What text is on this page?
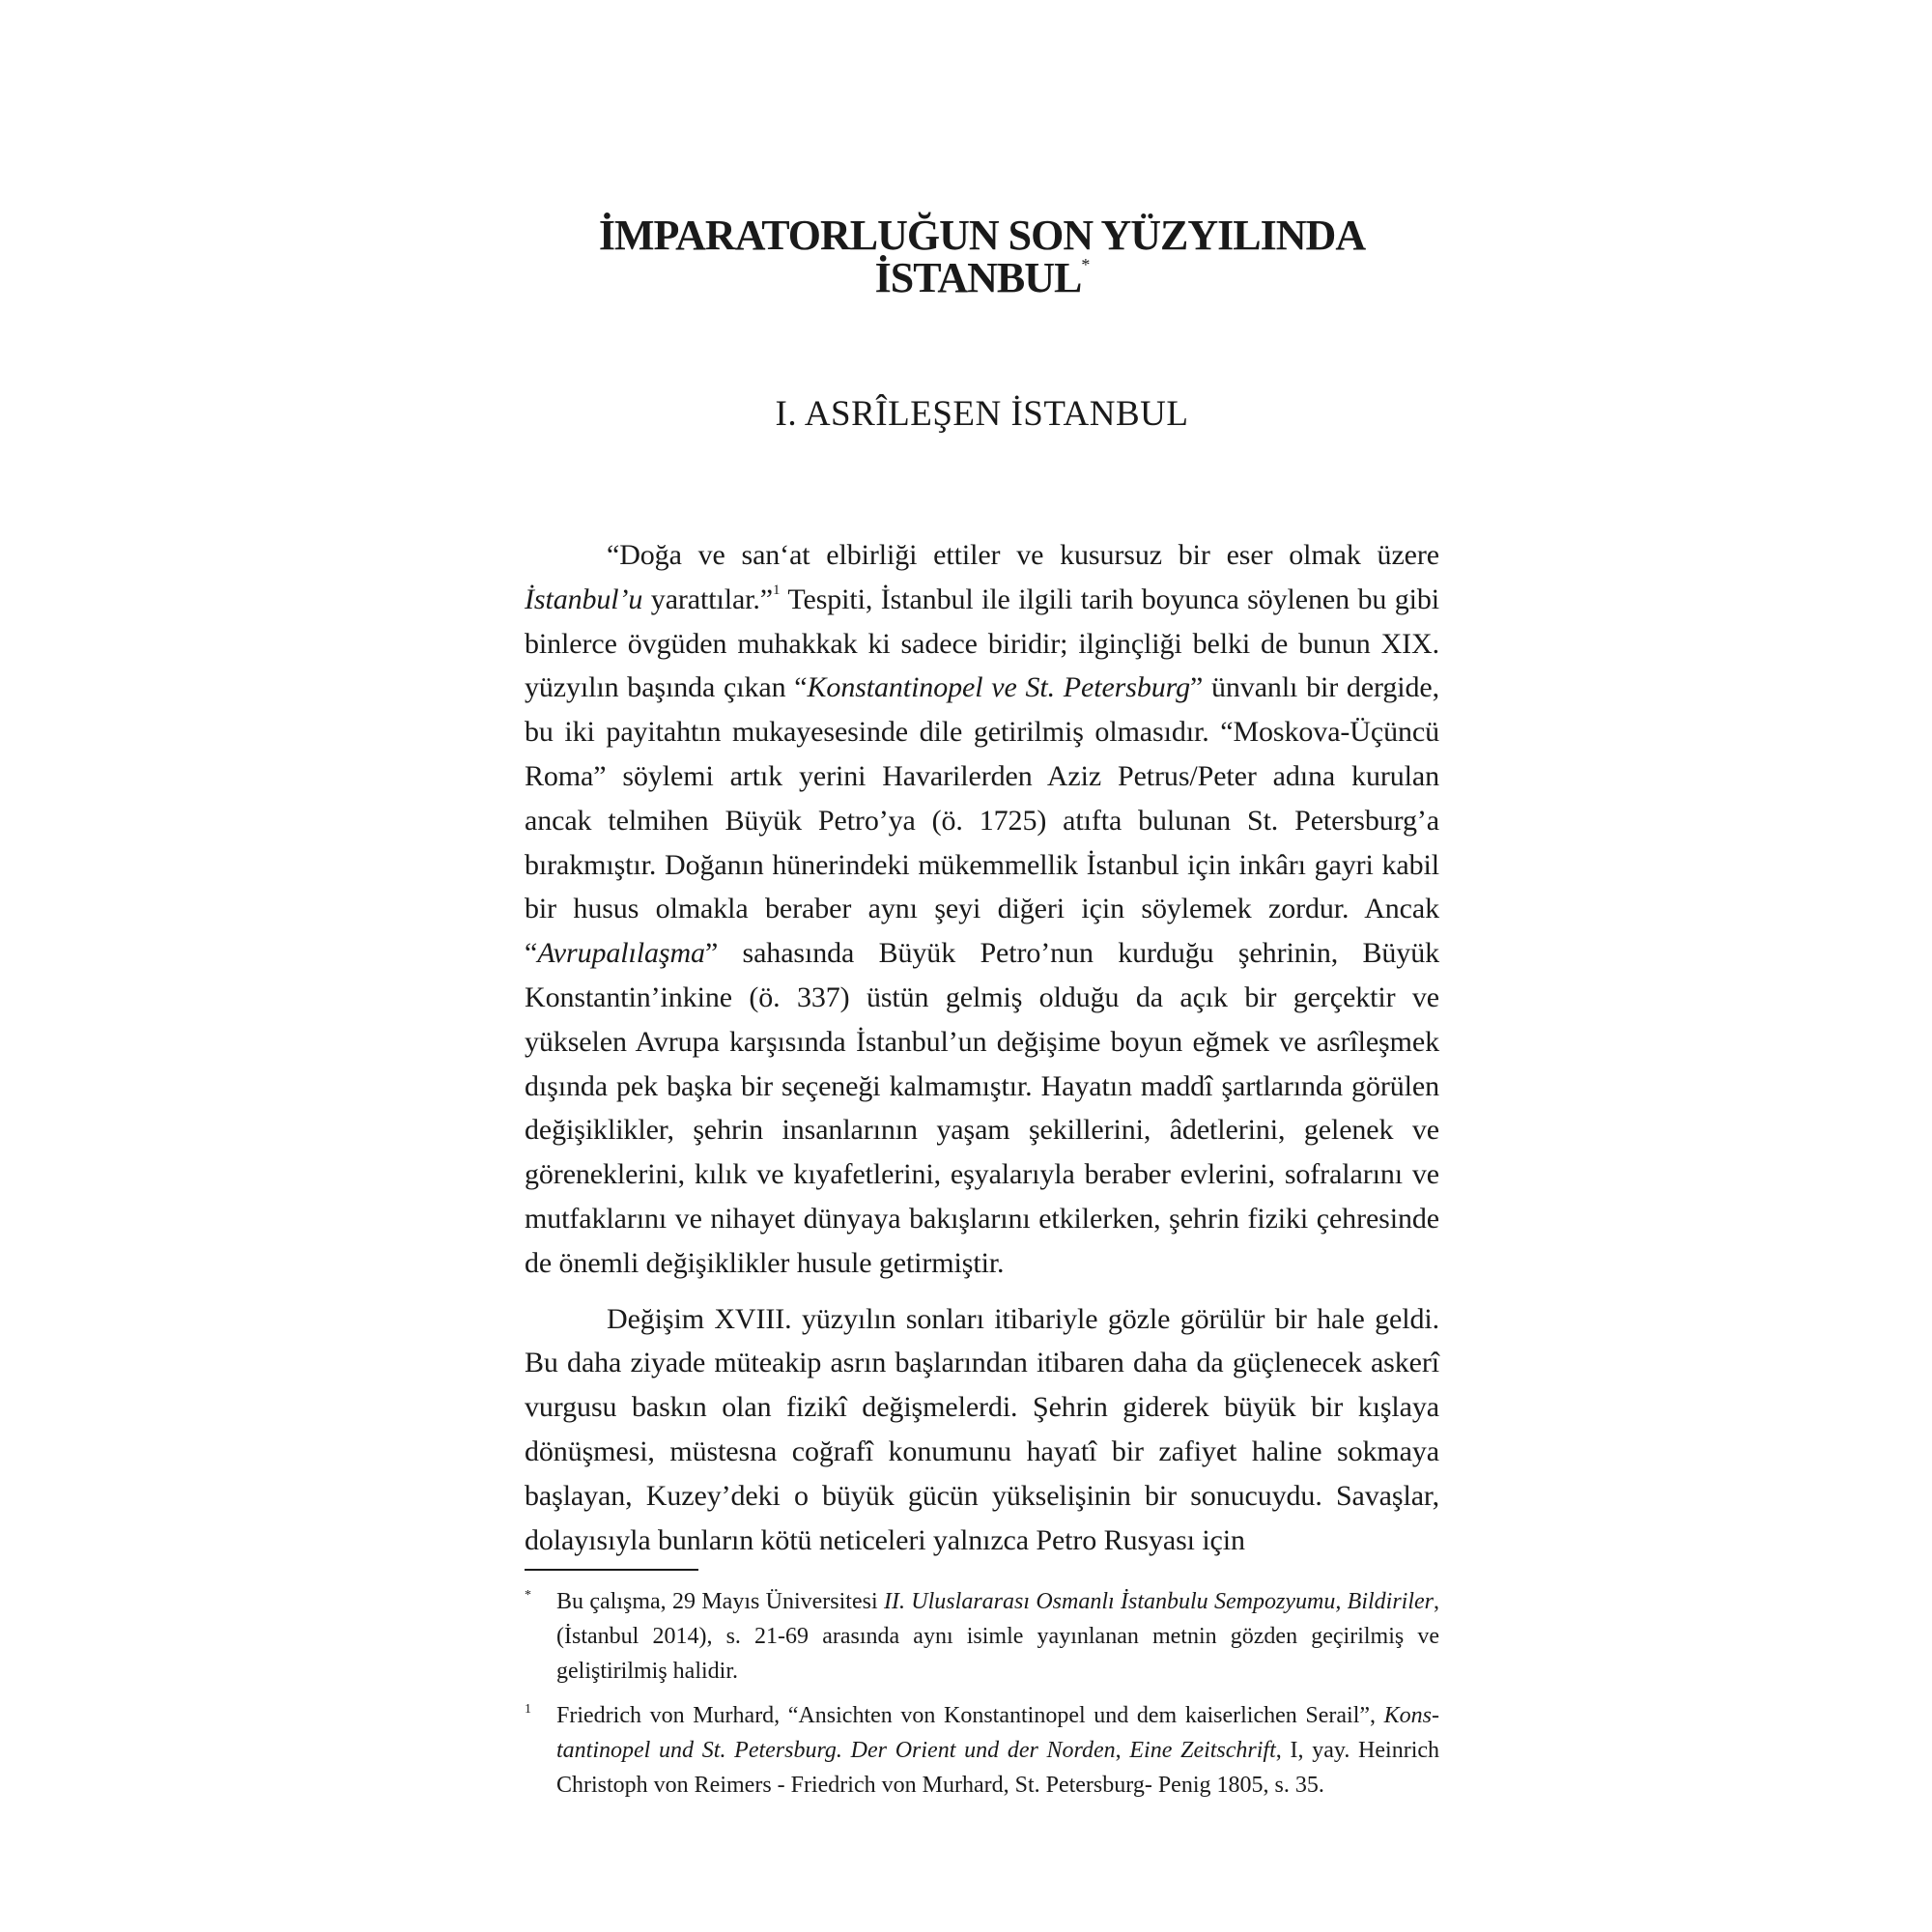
İMPARATORLUĞUN SON YÜZYILINDA İSTANBUL*
I. ASRÎLEŞEN İSTANBUL

“Doğa ve san‘at elbirliği ettiler ve kusursuz bir eser olmak üzere İstanbul’u yarattılar.”$^1$ Tespiti, İstanbul ile ilgili tarih boyunca söylenen bu gibi binlerce övgüden muhakkak ki sadece biridir; ilginçliği belki de bunun XIX. yüzyılın başında çıkan “Konstantinopel ve St. Petersburg” ünvanlı bir dergide, bu iki payitahtın mukayesesinde dile getirilmiş olmasıdır. “Moskova-Üçüncü Roma” söylemi artık yerini Havarilerden Aziz Petrus/Peter adına kurulan ancak telmihen Büyük Petro’ya (ö. 1725) atıfta bulunan St. Petersburg’a bırakmıştır. Doğanın hünerindeki mükemmellik İstanbul için inkârı gayri kabil bir husus olmakla beraber aynı şeyi diğeri için söylemek zordur. Ancak “Avrupalılaşma” sahasında Büyük Petro’nun kurduğu şehrinin, Büyük Konstantin’inkine (ö. 337) üstün gelmiş olduğu da açık bir gerçektir ve yükselen Avrupa karşısında İstanbul’un değişime boyun eğmek ve asrîleşmek dışında pek başka bir seçeneği kalmamıştır. Hayatın maddî şartlarında görülen değişiklikler, şehrin insanlarının yaşam şekillerini, âdetlerini, gelenek ve göreneklerini, kılık ve kıyafetlerini, eşyalarıyla beraber evlerini, sofralarını ve mutfaklarını ve nihayet dünyaya bakışlarını etkilerken, şehrin fiziki çehresinde de önemli değişiklikler husule getirmiştir.

Değişim XVIII. yüzyılın sonları itibariyle gözle görülür bir hale geldi. Bu daha ziyade müteakip asrın başlarından itibaren daha da güçlenecek askerî vurgusu baskın olan fizikî değişmelerdi. Şehrin giderek büyük bir kışlaya dönüşmesi, müstesna coğrafî konumunu hayatî bir zafiyet haline sokmaya başlayan, Kuzey’deki o büyük gücün yükselişinin bir sonucuydu. Savaşlar, dolayısıyla bunların kötü neticeleri yalnızca Petro Rusyası için

* Bu çalışma, 29 Mayıs Üniversitesi II. Uluslararası Osmanlı İstanbulu Sempozyumu, Bildiriler, (İstanbul 2014), s. 21-69 arasında aynı isimle yayınlanan metnin gözden geçirilmiş ve geliştirilmiş halidir.
1 Friedrich von Murhard, “Ansichten von Konstantinopel und dem kaiserlichen Serail”, Konstantinopel und St. Petersburg. Der Orient und der Norden, Eine Zeitschrift, I, yay. Heinrich Christoph von Reimers - Friedrich von Murhard, St. Petersburg- Penig 1805, s. 35.
